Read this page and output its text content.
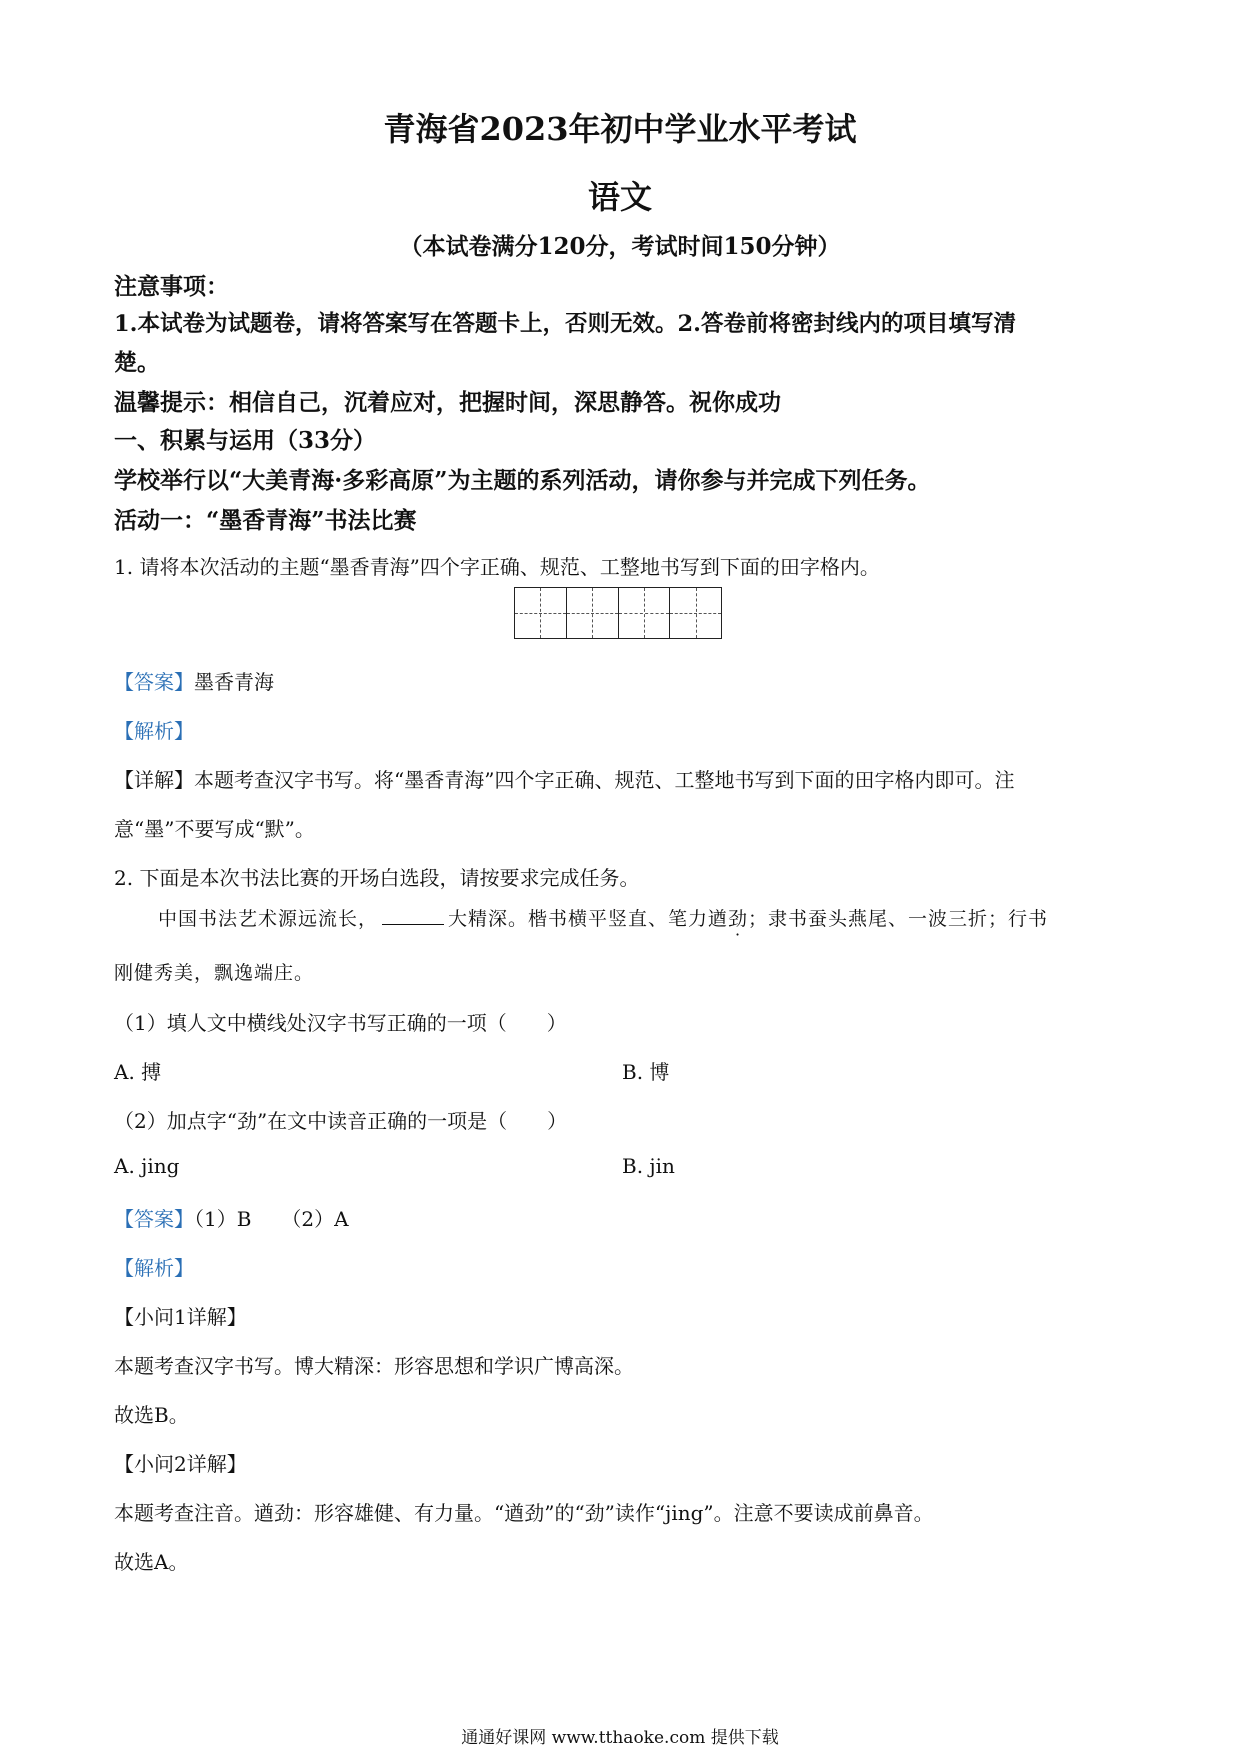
青海省2023年初中学业水平考试
语文
（本试卷满分120分，考试时间150分钟）
注意事项：
1.本试卷为试题卷，请将答案写在答题卡上，否则无效。2.答卷前将密封线内的项目填写清
楚。
温馨提示：相信自己，沉着应对，把握时间，深思静答。祝你成功
一、积累与运用（33分）
学校举行以“大美青海·多彩高原”为主题的系列活动，请你参与并完成下列任务。
活动一：“墨香青海”书法比赛
1. 请将本次活动的主题“墨香青海”四个字正确、规范、工整地书写到下面的田字格内。
【答案】墨香青海
【解析】
【详解】本题考查汉字书写。将“墨香青海”四个字正确、规范、工整地书写到下面的田字格内即可。注
意“墨”不要写成“默”。
2. 下面是本次书法比赛的开场白选段，请按要求完成任务。
中国书法艺术源远流长，	大精深。楷书横平竖直、笔力遒劲；隶书蚕头燕尾、一波三折；行书
刚健秀美，飘逸端庄。
（1）填人文中横线处汉字书写正确的一项（　　）
A. 搏	B. 博
（2）加点字“劲”在文中读音正确的一项是（　　）
A. jing	B. jin
【答案】（1）B　　（2）A
【解析】
【小问1详解】
本题考查汉字书写。博大精深：形容思想和学识广博高深。
故选B。
【小问2详解】
本题考查注音。遒劲：形容雄健、有力量。“遒劲”的“劲”读作“jing”。注意不要读成前鼻音。
故选A。
通通好课网 www.tthaoke.com 提供下载
